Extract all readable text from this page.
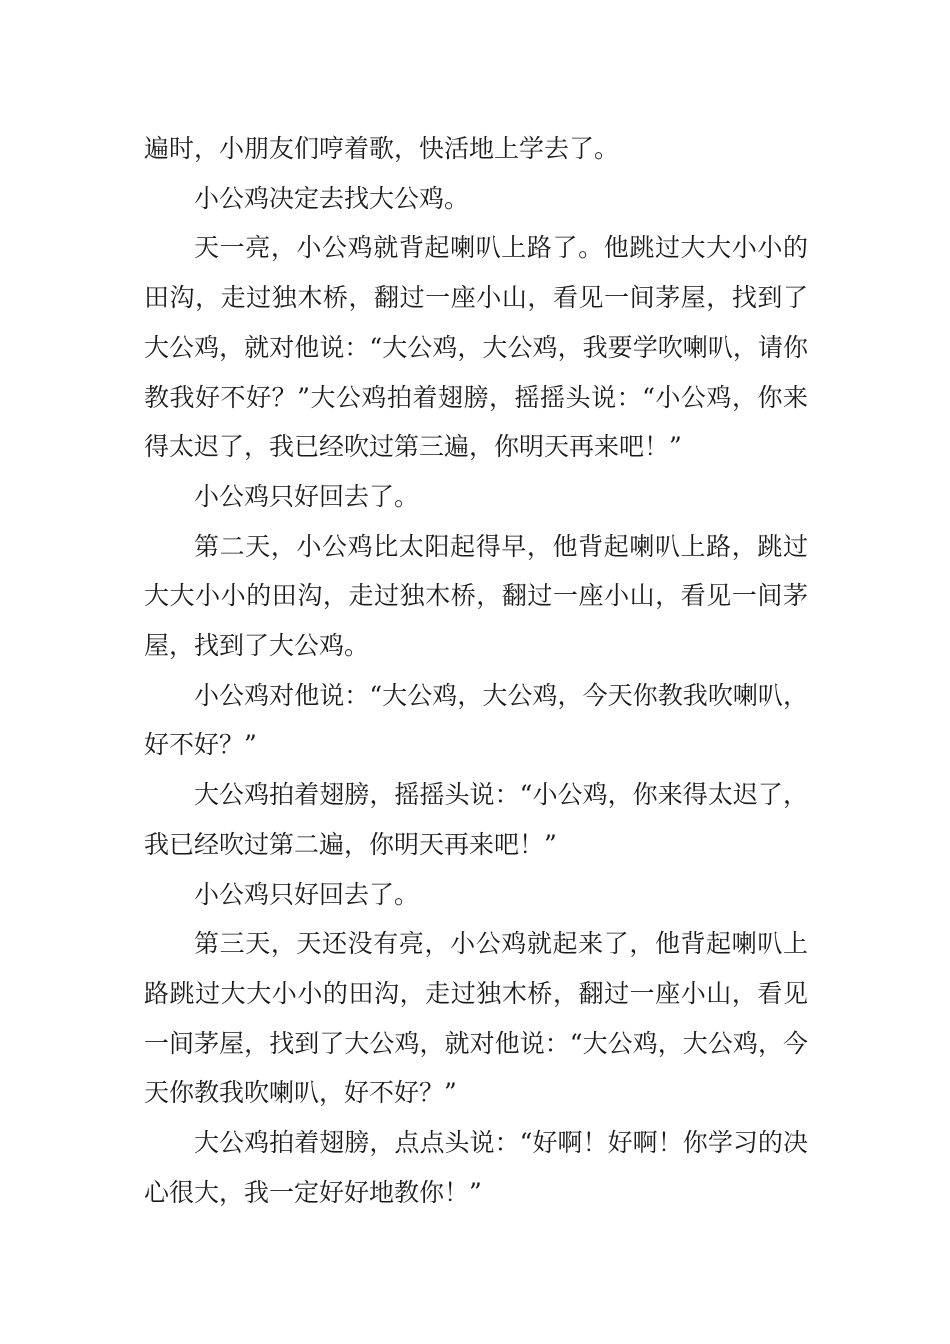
遍时，小朋友们哼着歌，快活地上学去了。

小公鸡决定去找大公鸡。

天一亮，小公鸡就背起喇叭上路了。他跳过大大小小的田沟，走过独木桥，翻过一座小山，看见一间茅屋，找到了大公鸡，就对他说：“大公鸡，大公鸡，我要学吹喇叭，请你教我好不好？”大公鸡拍着翅膀，摇摇头说：“小公鸡，你来得太迟了，我已经吹过第三遍，你明天再来吧！”

小公鸡只好回去了。

第二天，小公鸡比太阳起得早，他背起喇叭上路，跳过大大小小的田沟，走过独木桥，翻过一座小山，看见一间茅屋，找到了大公鸡。

小公鸡对他说：“大公鸡，大公鸡，今天你教我吹喇叭，好不好？”

大公鸡拍着翅膀，摇摇头说：“小公鸡，你来得太迟了，我已经吹过第二遍，你明天再来吧！”

小公鸡只好回去了。

第三天，天还没有亮，小公鸡就起来了，他背起喇叭上路跳过大大小小的田沟，走过独木桥，翻过一座小山，看见一间茅屋，找到了大公鸡，就对他说：“大公鸡，大公鸡，今天你教我吹喇叭，好不好？”

大公鸡拍着翅膀，点点头说：“好啊！好啊！你学习的决心很大，我一定好好地教你！”
